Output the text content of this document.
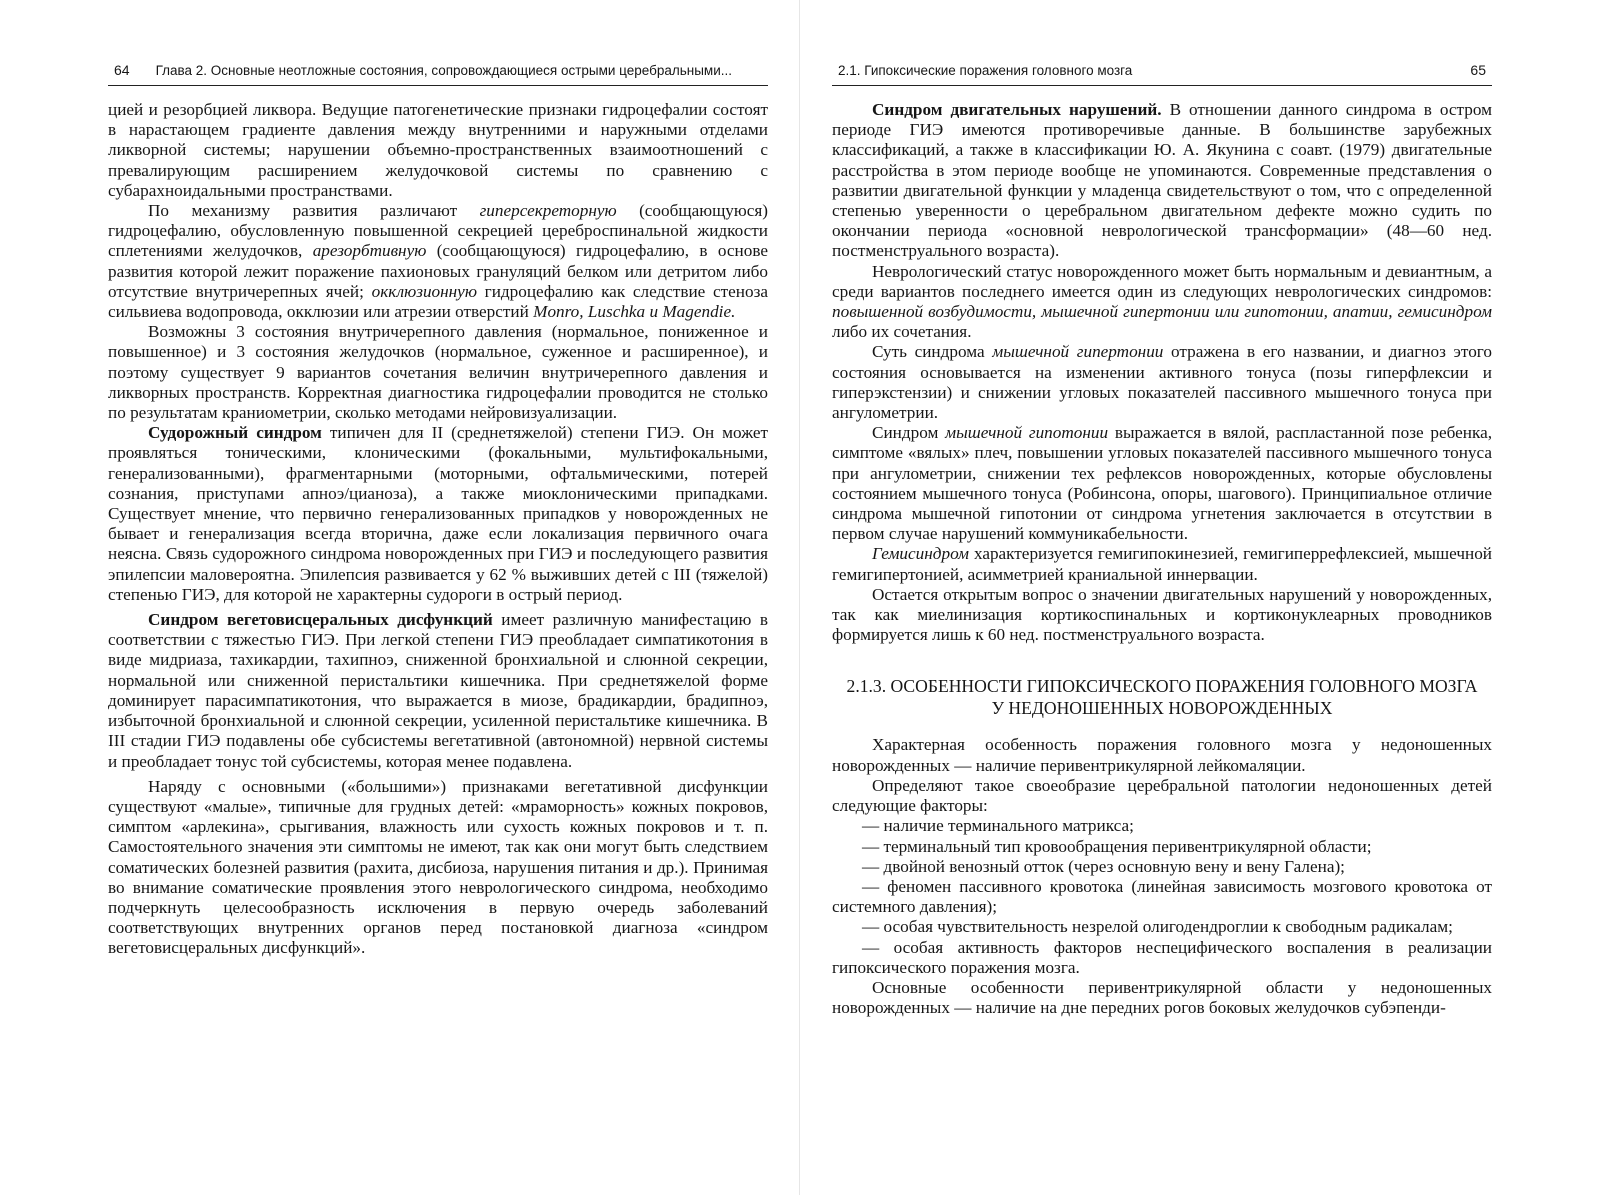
64 Глава 2. Основные неотложные состояния, сопровождающиеся острыми церебральными...

цией и резорбцией ликвора. Ведущие патогенетические признаки гидроцефалии состоят в нарастающем градиенте давления между внутренними и наружными отделами ликворной системы; нарушении объемно-пространственных взаимоотношений с превалирующим расширением желудочковой системы по сравнению с субарахноидальными пространствами.

По механизму развития различают гиперсекреторную (сообщающуюся) гидроцефалию, обусловленную повышенной секрецией цереброспинальной жидкости сплетениями желудочков, арезорбтивную (сообщающуюся) гидроцефалию, в основе развития которой лежит поражение пахионовых грануляций белком или детритом либо отсутствие внутричерепных ячей; окклюзионную гидроцефалию как следствие стеноза сильвиева водопровода, окклюзии или атрезии отверстий Monro, Luschka и Magendie.

Возможны 3 состояния внутричерепного давления (нормальное, пониженное и повышенное) и 3 состояния желудочков (нормальное, суженное и расширенное), и поэтому существует 9 вариантов сочетания величин внутричерепного давления и ликворных пространств. Корректная диагностика гидроцефалии проводится не столько по результатам краниометрии, сколько методами нейровизуализации.

Судорожный синдром типичен для II (среднетяжелой) степени ГИЭ. Он может проявляться тоническими, клоническими (фокальными, мультифокальными, генерализованными), фрагментарными (моторными, офтальмическими, потерей сознания, приступами апноэ/цианоза), а также миоклоническими припадками. Существует мнение, что первично генерализованных припадков у новорожденных не бывает и генерализация всегда вторична, даже если локализация первичного очага неясна. Связь судорожного синдрома новорожденных при ГИЭ и последующего развития эпилепсии маловероятна. Эпилепсия развивается у 62 % выживших детей с III (тяжелой) степенью ГИЭ, для которой не характерны судороги в острый период.

Синдром вегетовисцеральных дисфункций имеет различную манифестацию в соответствии с тяжестью ГИЭ. При легкой степени ГИЭ преобладает симпатикотония в виде мидриаза, тахикардии, тахипноэ, сниженной бронхиальной и слюнной секреции, нормальной или сниженной перистальтики кишечника. При среднетяжелой форме доминирует парасимпатикотония, что выражается в миозе, брадикардии, брадипноэ, избыточной бронхиальной и слюнной секреции, усиленной перистальтике кишечника. В III стадии ГИЭ подавлены обе субсистемы вегетативной (автономной) нервной системы и преобладает тонус той субсистемы, которая менее подавлена.

Наряду с основными («большими») признаками вегетативной дисфункции существуют «малые», типичные для грудных детей: «мраморность» кожных покровов, симптом «арлекина», срыгивания, влажность или сухость кожных покровов и т. п. Самостоятельного значения эти симптомы не имеют, так как они могут быть следствием соматических болезней развития (рахита, дисбиоза, нарушения питания и др.). Принимая во внимание соматические проявления этого неврологического синдрома, необходимо подчеркнуть целесообразность исключения в первую очередь заболеваний соответствующих внутренних органов перед постановкой диагноза «синдром вегетовисцеральных дисфункций».

2.1. Гипоксические поражения головного мозга	65

Синдром двигательных нарушений. В отношении данного синдрома в остром периоде ГИЭ имеются противоречивые данные. В большинстве зарубежных классификаций, а также в классификации Ю. А. Якунина с соавт. (1979) двигательные расстройства в этом периоде вообще не упоминаются. Современные представления о развитии двигательной функции у младенца свидетельствуют о том, что с определенной степенью уверенности о церебральном двигательном дефекте можно судить по окончании периода «основной неврологической трансформации» (48—60 нед. постменструального возраста).

Неврологический статус новорожденного может быть нормальным и девиантным, а среди вариантов последнего имеется один из следующих неврологических синдромов: повышенной возбудимости, мышечной гипертонии или гипотонии, апатии, гемисиндром либо их сочетания.

Суть синдрома мышечной гипертонии отражена в его названии, и диагноз этого состояния основывается на изменении активного тонуса (позы гиперфлексии и гиперэкстензии) и снижении угловых показателей пассивного мышечного тонуса при ангулометрии.

Синдром мышечной гипотонии выражается в вялой, распластанной позе ребенка, симптоме «вялых» плеч, повышении угловых показателей пассивного мышечного тонуса при ангулометрии, снижении тех рефлексов новорожденных, которые обусловлены состоянием мышечного тонуса (Робинсона, опоры, шагового). Принципиальное отличие синдрома мышечной гипотонии от синдрома угнетения заключается в отсутствии в первом случае нарушений коммуникабельности.

Гемисиндром характеризуется гемигипокинезией, гемигиперрефлексией, мышечной гемигипертонией, асимметрией краниальной иннервации.

Остается открытым вопрос о значении двигательных нарушений у новорожденных, так как миелинизация кортикоспинальных и кортиконуклеарных проводников формируется лишь к 60 нед. постменструального возраста.

2.1.3. ОСОБЕННОСТИ ГИПОКСИЧЕСКОГО ПОРАЖЕНИЯ ГОЛОВНОГО МОЗГА
У НЕДОНОШЕННЫХ НОВОРОЖДЕННЫХ

Характерная особенность поражения головного мозга у недоношенных новорожденных — наличие перивентрикулярной лейкомаляции.

Определяют такое своеобразие церебральной патологии недоношенных детей следующие факторы:

— наличие терминального матрикса;

— терминальный тип кровообращения перивентрикулярной области;

— двойной венозный отток (через основную вену и вену Галена);

— феномен пассивного кровотока (линейная зависимость мозгового кровотока от системного давления);

— особая чувствительность незрелой олигодендроглии к свободным радикалам;

— особая активность факторов неспецифического воспаления в реализации гипоксического поражения мозга.

Основные особенности перивентрикулярной области у недоношенных новорожденных — наличие на дне передних рогов боковых желудочков субэпенди-
